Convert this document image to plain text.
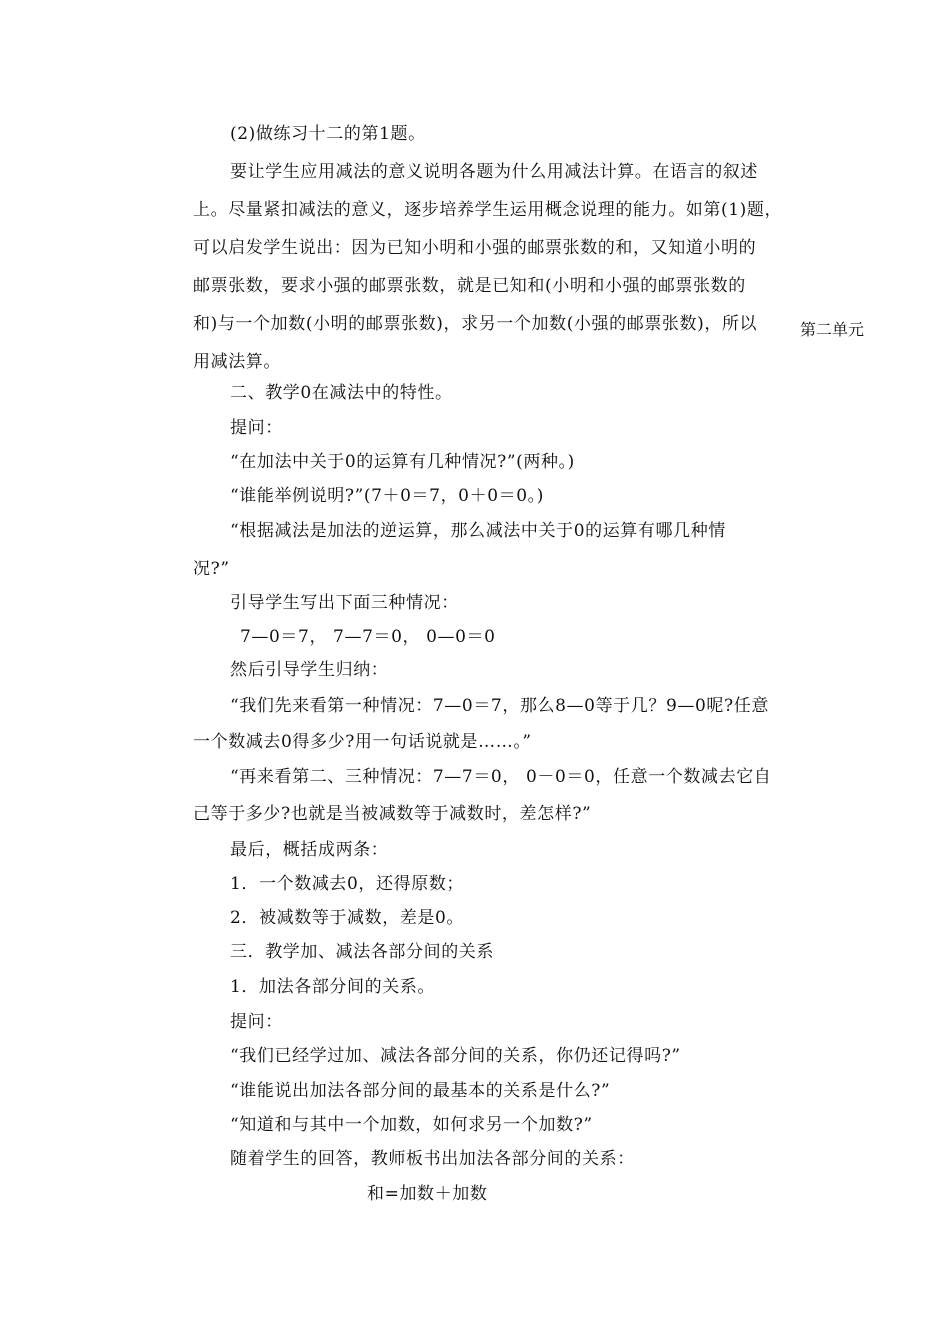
(2)做练习十二的第1题。
要让学生应用减法的意义说明各题为什么用减法计算。在语言的叙述
上。尽量紧扣减法的意义，逐步培养学生运用概念说理的能力。如第(1)题，
可以启发学生说出：因为已知小明和小强的邮票张数的和，又知道小明的
邮票张数，要求小强的邮票张数，就是已知和(小明和小强的邮票张数的
和)与一个加数(小明的邮票张数)，求另一个加数(小强的邮票张数)，所以
用减法算。
二、教学0在减法中的特性。
提问：
“在加法中关于0的运算有几种情况?”(两种。)
“谁能举例说明?”(7＋0＝7，0＋0＝0。)
“根据减法是加法的逆运算，那么减法中关于0的运算有哪几种情
况?”
引导学生写出下面三种情况：
7—0＝7， 7—7＝0， 0—0＝0
然后引导学生归纳：
“我们先来看第一种情况：7—0＝7，那么8—0等于几？9—0呢?任意
一个数减去0得多少?用一句话说就是……。”
“再来看第二、三种情况：7—7＝0， 0－0＝0，任意一个数减去它自
己等于多少?也就是当被减数等于减数时，差怎样?”
最后，概括成两条：
1．一个数减去0，还得原数；
2．被减数等于减数，差是0。
三．教学加、减法各部分间的关系
1．加法各部分间的关系。
提问：
“我们已经学过加、减法各部分间的关系，你仍还记得吗?”
“谁能说出加法各部分间的最基本的关系是什么?”
“知道和与其中一个加数，如何求另一个加数?”
随着学生的回答，教师板书出加法各部分间的关系：
和=加数＋加数
第二单元
